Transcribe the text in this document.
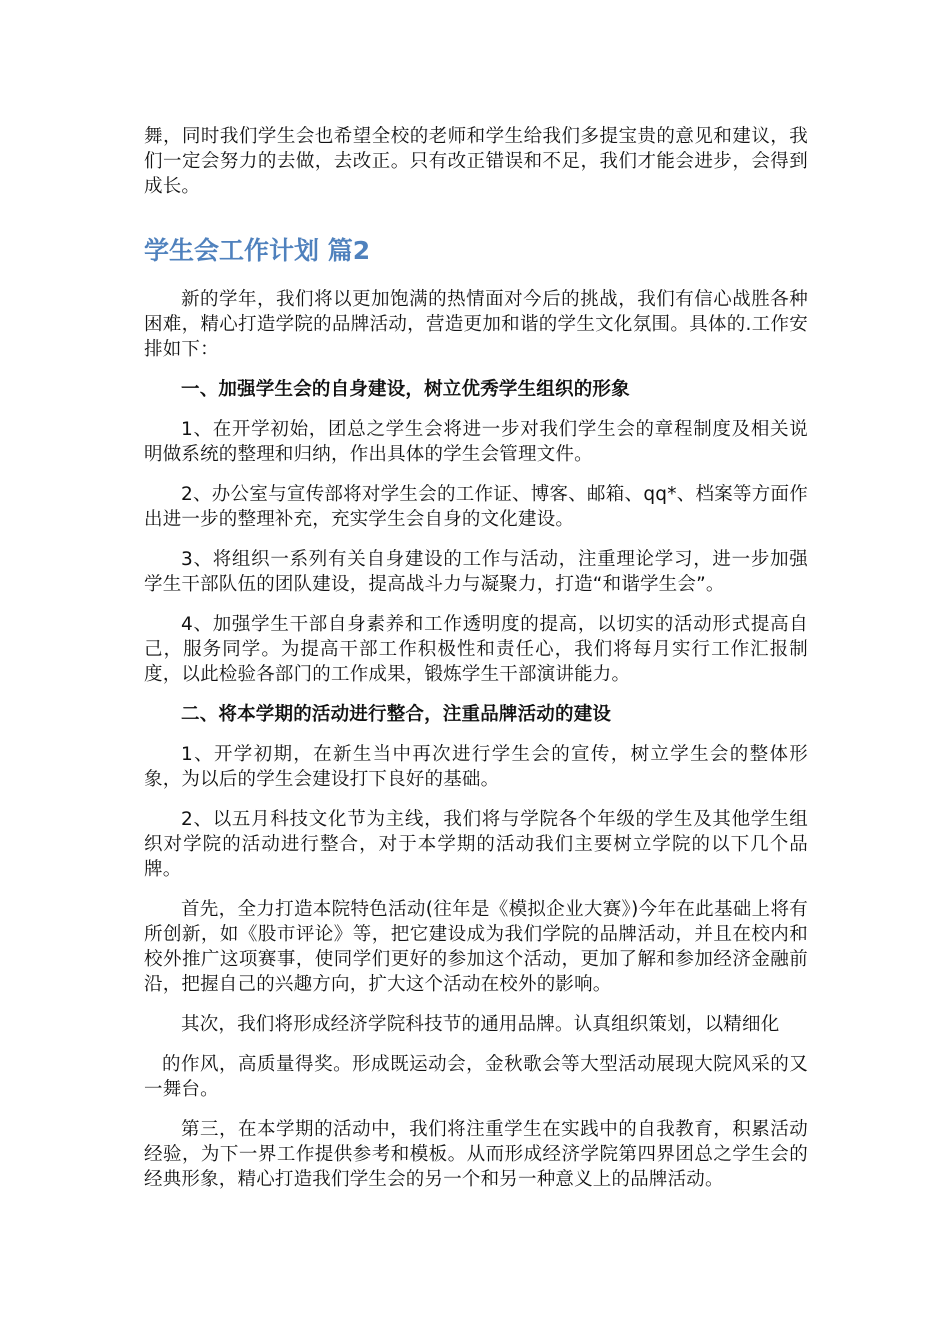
舞，同时我们学生会也希望全校的老师和学生给我们多提宝贵的意见和建议，我们一定会努力的去做，去改正。只有改正错误和不足，我们才能会进步，会得到成长。

学生会工作计划 篇2

新的学年，我们将以更加饱满的热情面对今后的挑战，我们有信心战胜各种困难，精心打造学院的品牌活动，营造更加和谐的学生文化氛围。具体的.工作安排如下：

一、加强学生会的自身建设，树立优秀学生组织的形象

1、在开学初始，团总之学生会将进一步对我们学生会的章程制度及相关说明做系统的整理和归纳，作出具体的学生会管理文件。

2、办公室与宣传部将对学生会的工作证、博客、邮箱、qq*、档案等方面作出进一步的整理补充，充实学生会自身的文化建设。

3、将组织一系列有关自身建设的工作与活动，注重理论学习，进一步加强学生干部队伍的团队建设，提高战斗力与凝聚力，打造“和谐学生会”。

4、加强学生干部自身素养和工作透明度的提高，以切实的活动形式提高自己，服务同学。为提高干部工作积极性和责任心，我们将每月实行工作汇报制度，以此检验各部门的工作成果，锻炼学生干部演讲能力。

二、将本学期的活动进行整合，注重品牌活动的建设

1、开学初期，在新生当中再次进行学生会的宣传，树立学生会的整体形象，为以后的学生会建设打下良好的基础。

2、以五月科技文化节为主线，我们将与学院各个年级的学生及其他学生组织对学院的活动进行整合，对于本学期的活动我们主要树立学院的以下几个品牌。

首先，全力打造本院特色活动(往年是《模拟企业大赛》)今年在此基础上将有所创新，如《股市评论》等，把它建设成为我们学院的品牌活动，并且在校内和校外推广这项赛事，使同学们更好的参加这个活动，更加了解和参加经济金融前沿，把握自己的兴趣方向，扩大这个活动在校外的影响。

其次，我们将形成经济学院科技节的通用品牌。认真组织策划，以精细化

的作风，高质量得奖。形成既运动会，金秋歌会等大型活动展现大院风采的又一舞台。

第三，在本学期的活动中，我们将注重学生在实践中的自我教育，积累活动经验，为下一界工作提供参考和模板。从而形成经济学院第四界团总之学生会的经典形象，精心打造我们学生会的另一个和另一种意义上的品牌活动。
